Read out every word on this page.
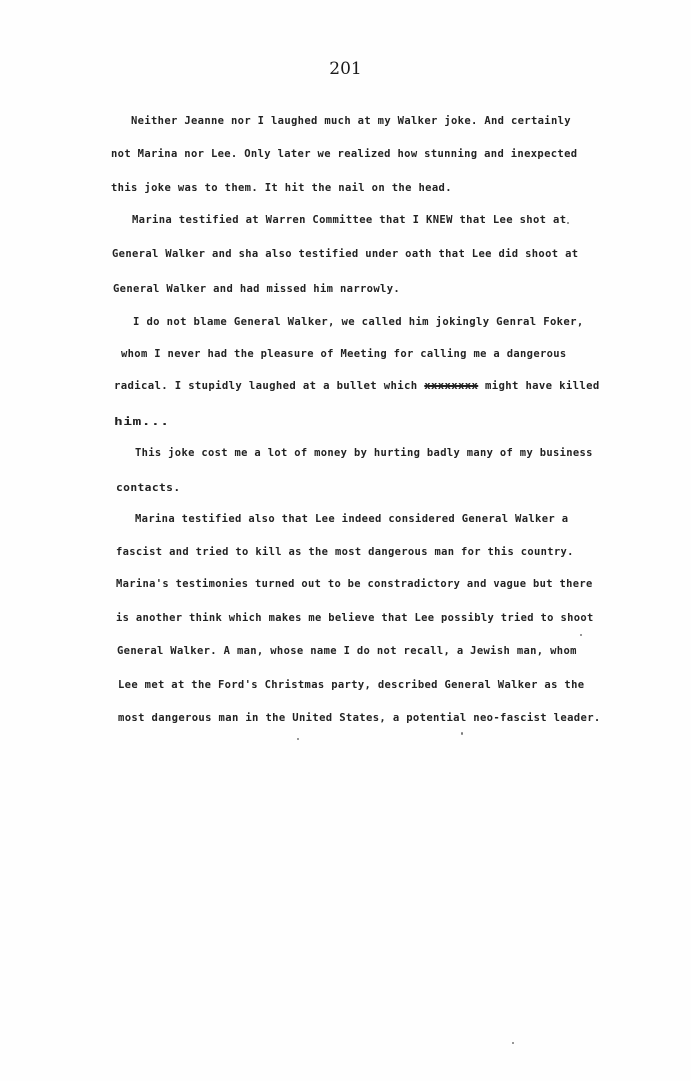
201
Neither Jeanne nor I laughed much at my Walker joke. And certainly
not Marina nor Lee. Only later we realized how stunning and inexpected
this joke was to them. It hit the nail on the head.
Marina testified at Warren Committee that I KNEW that Lee shot at
General Walker and sha also testified under oath that Lee did shoot at
General Walker and had missed him narrowly.
I do not blame General Walker, we called him jokingly Genral Foker,
whom I never had the pleasure of Meeting for calling me a dangerous
radical. I stupidly laughed at a bullet which xxxxxxxx might have killed
him...
This joke cost me a lot of money by hurting badly many of my business
contacts.
Marina testified also that Lee indeed considered General Walker a
fascist and tried to kill as the most dangerous man for this country.
Marina's testimonies turned out to be constradictory and vague but there
is another think which makes me believe that Lee possibly tried to shoot
General Walker. A man, whose name I do not recall, a Jewish man, whom
Lee met at the Ford's Christmas party, described General Walker as the
most dangerous man in the United States, a potential neo-fascist leader.
